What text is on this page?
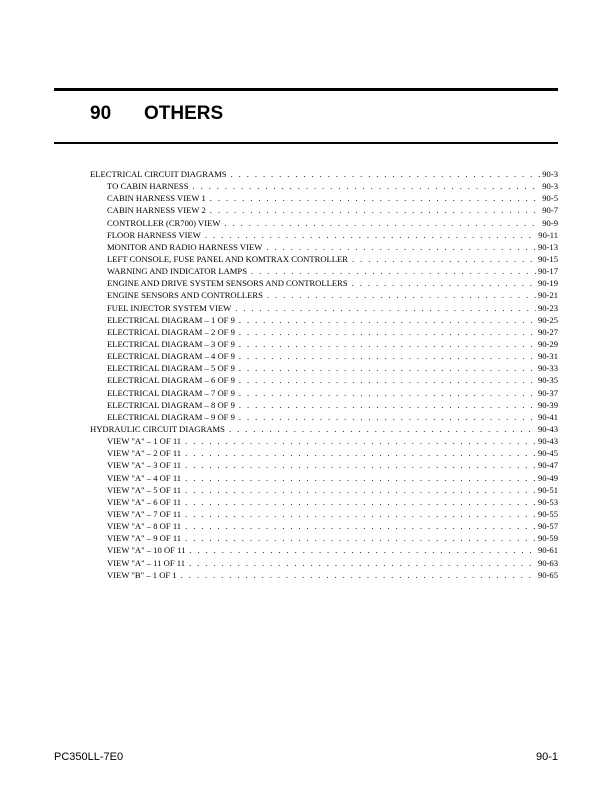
90 OTHERS
ELECTRICAL CIRCUIT DIAGRAMS . . .	90-3
TO CABIN HARNESS . . .	90-3
CABIN HARNESS VIEW 1 . . .	90-5
CABIN HARNESS VIEW 2 . . .	90-7
CONTROLLER (CR700) VIEW . . .	90-9
FLOOR HARNESS VIEW . . .	90-11
MONITOR AND RADIO HARNESS VIEW . . .	90-13
LEFT CONSOLE, FUSE PANEL AND KOMTRAX CONTROLLER . . .	90-15
WARNING AND INDICATOR LAMPS . . .	90-17
ENGINE AND DRIVE SYSTEM SENSORS AND CONTROLLERS . . .	90-19
ENGINE SENSORS AND CONTROLLERS . . .	90-21
FUEL INJECTOR SYSTEM VIEW . . .	90-23
ELECTRICAL DIAGRAM – 1 OF 9 . . .	90-25
ELECTRICAL DIAGRAM – 2 OF 9 . . .	90-27
ELECTRICAL DIAGRAM – 3 OF 9 . . .	90-29
ELECTRICAL DIAGRAM – 4 OF 9 . . .	90-31
ELECTRICAL DIAGRAM – 5 OF 9 . . .	90-33
ELECTRICAL DIAGRAM – 6 OF 9 . . .	90-35
ELECTRICAL DIAGRAM – 7 OF 9 . . .	90-37
ELECTRICAL DIAGRAM – 8 OF 9 . . .	90-39
ELECTRICAL DIAGRAM – 9 OF 9 . . .	90-41
HYDRAULIC CIRCUIT DIAGRAMS . . .	90-43
VIEW "A" – 1 OF 11 . . .	90-43
VIEW "A" – 2 OF 11 . . .	90-45
VIEW "A" – 3 OF 11 . . .	90-47
VIEW "A" – 4 OF 11 . . .	90-49
VIEW "A" – 5 OF 11 . . .	90-51
VIEW "A" – 6 OF 11 . . .	90-53
VIEW "A" – 7 OF 11 . . .	90-55
VIEW "A" – 8 OF 11 . . .	90-57
VIEW "A" – 9 OF 11 . . .	90-59
VIEW "A" – 10 OF 11 . . .	90-61
VIEW "A" – 11 OF 11 . . .	90-63
VIEW "B" – 1 OF 1 . . .	90-65
PC350LL-7E0	90-1
